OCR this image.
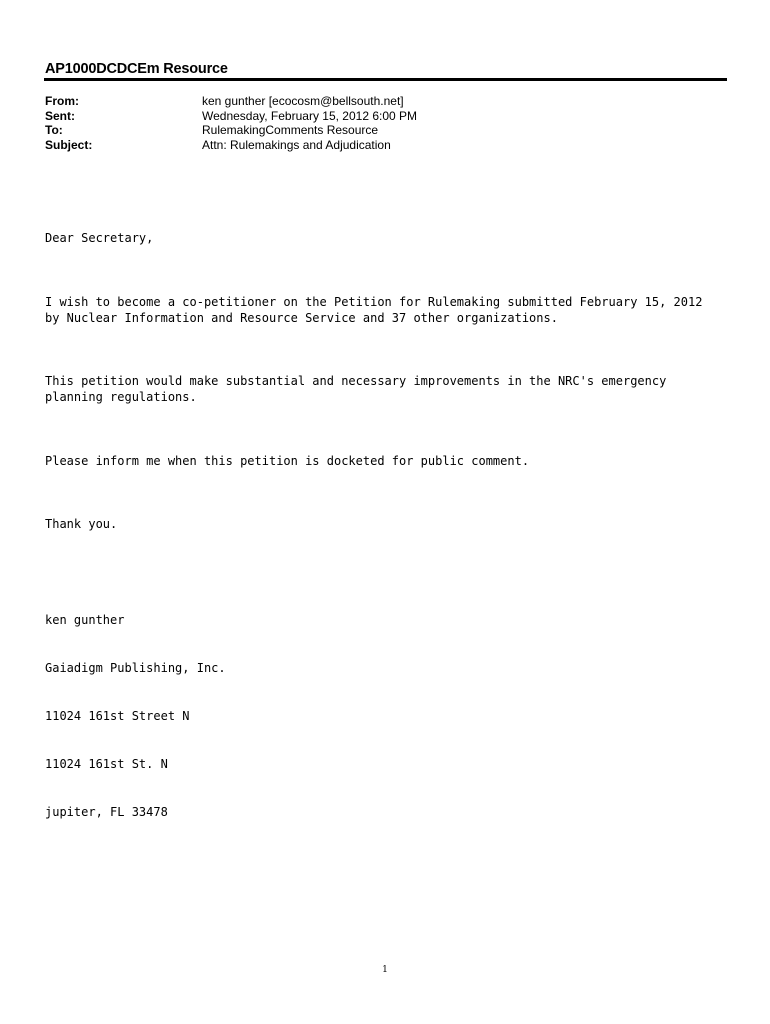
AP1000DCDCEm Resource
From:	ken gunther [ecocosm@bellsouth.net]
Sent:	Wednesday, February 15, 2012 6:00 PM
To:	RulemakingComments Resource
Subject:	Attn: Rulemakings and Adjudication

Dear Secretary,

I wish to become a co-petitioner on the Petition for Rulemaking submitted February 15, 2012
by Nuclear Information and Resource Service and 37 other organizations.

This petition would make substantial and necessary improvements in the NRC's emergency
planning regulations.

Please inform me when this petition is docketed for public comment.

Thank you.

ken gunther

Gaiadigm Publishing, Inc.

11024 161st Street N

11024 161st St. N

jupiter, FL 33478

1
